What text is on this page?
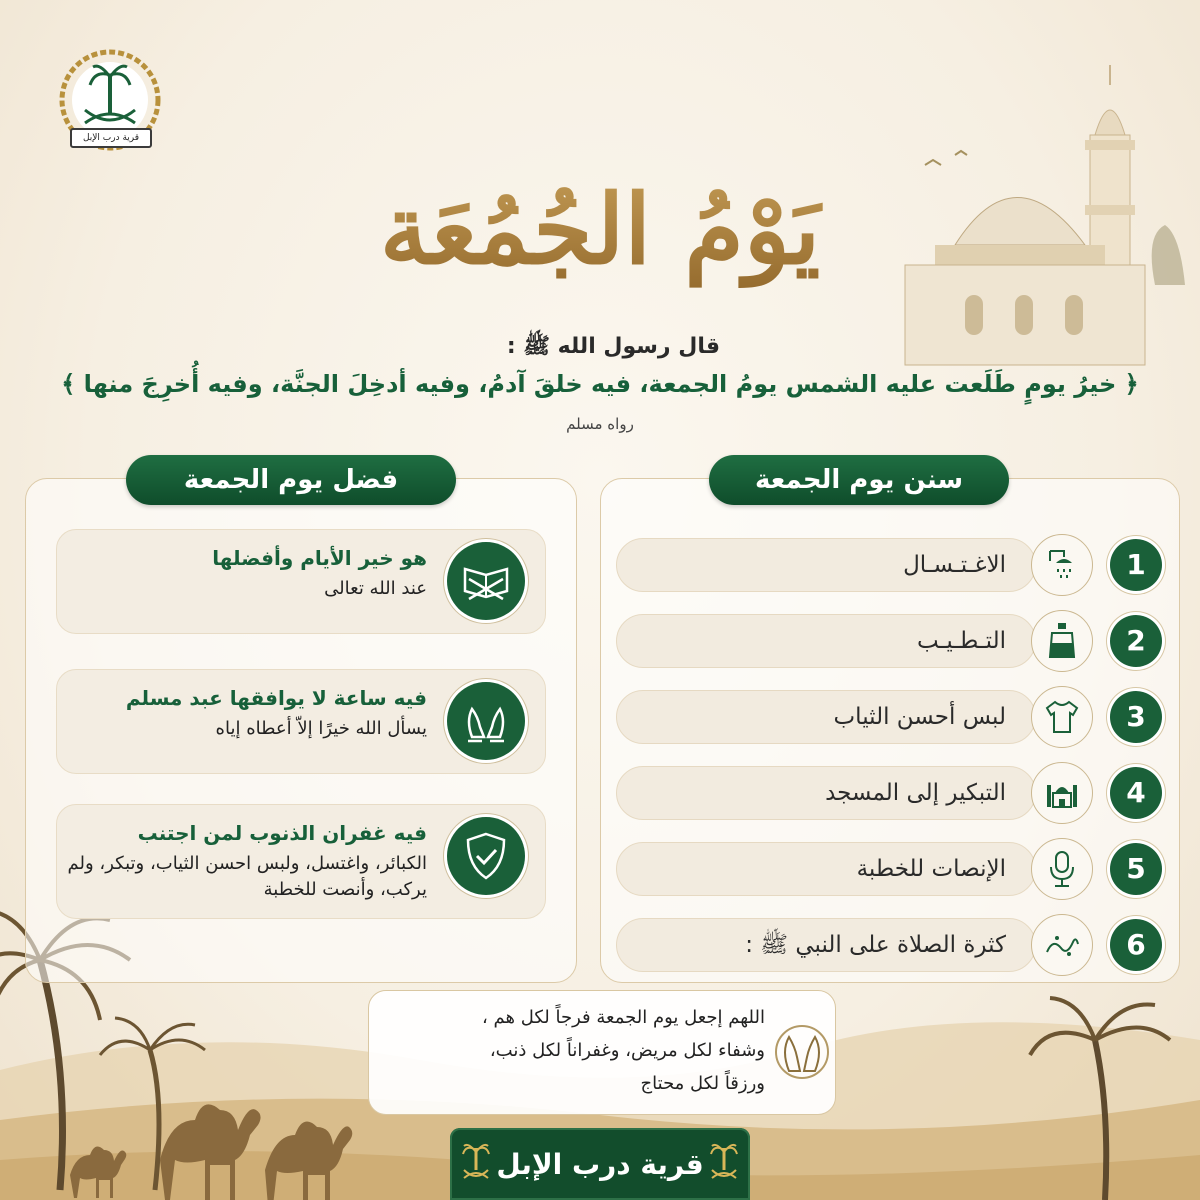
قرية درب الإبل
يَوْمُ الجُمُعَة
قال رسول الله ﷺ :
﴿ خيرُ يومٍ طَلَعت عليه الشمس يومُ الجمعة، فيه خلقَ آدمُ، وفيه أدخِلَ الجنَّة، وفيه أُخرِجَ منها ﴾
رواه مسلم
فضل يوم الجمعة
هو خير الأيام وأفضلها
عند الله تعالى
فيه ساعة لا يوافقها عبد مسلم
يسأل الله خيرًا إلاّ أعطاه إياه
فيه غفران الذنوب لمن اجتنب
الكبائر، واغتسل، ولبس احسن الثياب، وتبكر، ولم يركب، وأنصت للخطبة
سنن يوم الجمعة
الاغـتـسـال	1
التـطـيـب	2
لبس أحسن الثياب	3
التبكير إلى المسجد	4
الإنصات للخطبة	5
كثرة الصلاة على النبي ﷺ :	6
اللهم إجعل يوم الجمعة فرجاً لكل هم ،
وشفاء لكل مريض، وغفراناً لكل ذنب،
ورزقاً لكل محتاج
قرية درب الإبل
